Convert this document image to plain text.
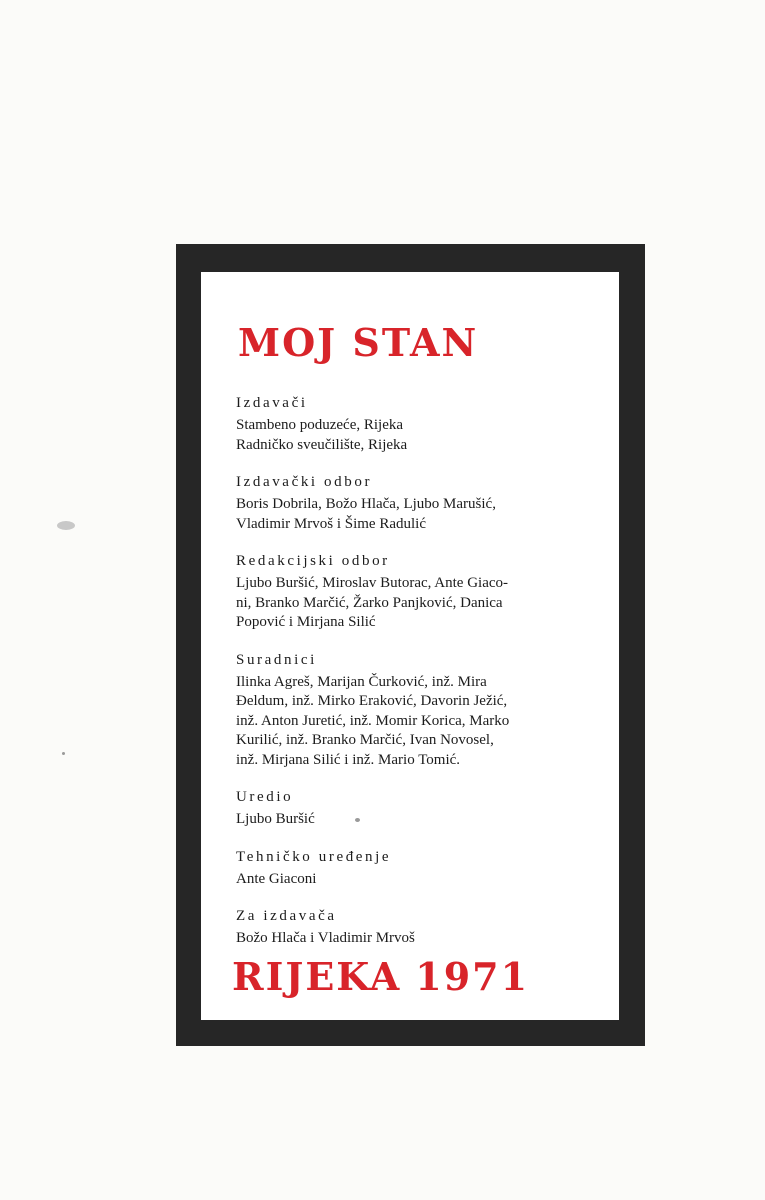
MOJ STAN
Izdavači

Stambeno poduzeće, Rijeka

Radničko sveučilište, Rijeka

Izdavački odbor

Boris Dobrila, Božo Hlača, Ljubo Marušić,

Vladimir Mrvoš i Šime Radulić

Redakcijski odbor

Ljubo Buršić, Miroslav Butorac, Ante Giaco-

ni, Branko Marčić, Žarko Panjković, Danica

Popović i Mirjana Silić

Suradnici

Ilinka Agreš, Marijan Čurković, inž. Mira

Đeldum, inž. Mirko Eraković, Davorin Ježić,

inž. Anton Juretić, inž. Momir Korica, Marko

Kurilić, inž. Branko Marčić, Ivan Novosel,

inž. Mirjana Silić i inž. Mario Tomić.

Uredio

Ljubo Buršić

Tehničko uređenje

Ante Giaconi

Za izdavača

Božo Hlača i Vladimir Mrvoš

RIJEKA 1971
